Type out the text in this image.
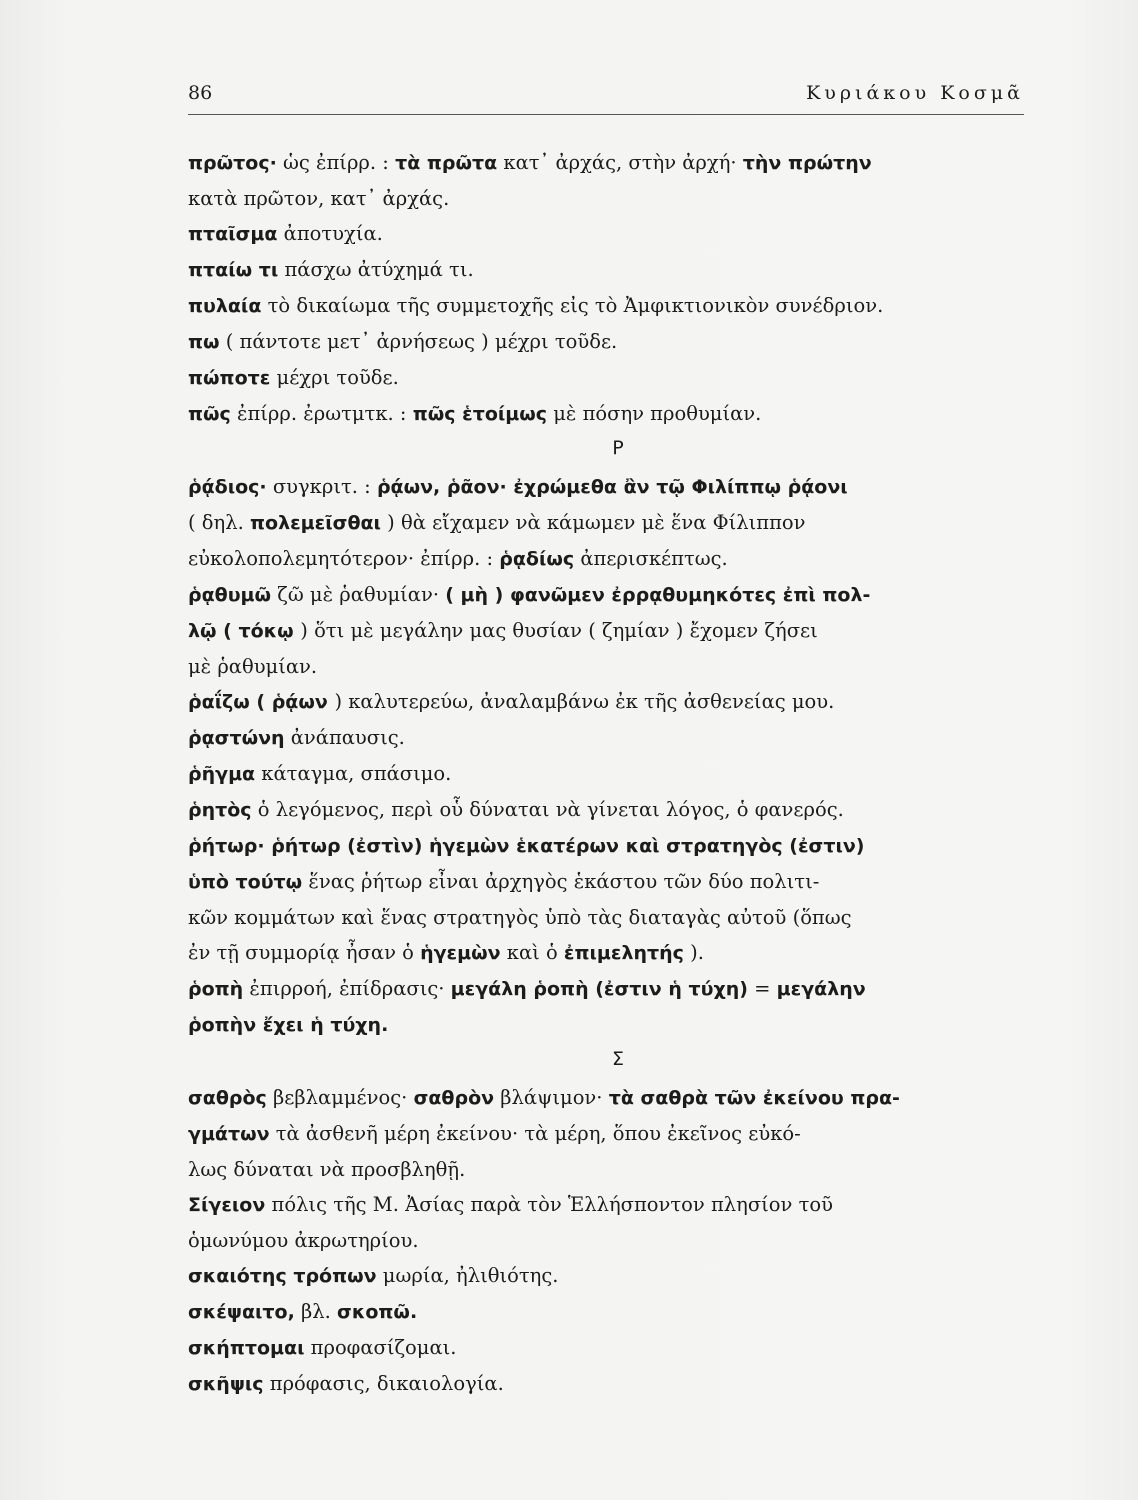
86	Κυριάκου Κοσμᾶ
πρῶτος· ὡς ἐπίρρ. : τὰ πρῶτα κατ᾿ ἀρχάς, στὴν ἀρχή· τὴν πρώτην
κατὰ πρῶτον, κατ᾿ ἀρχάς.
πταῖσμα ἀποτυχία.
πταίω τι πάσχω ἀτύχημά τι.
πυλαία τὸ δικαίωμα τῆς συμμετοχῆς εἰς τὸ Ἀμφικτιονικὸν συνέδριον.
πω ( πάντοτε μετ᾿ ἀρνήσεως ) μέχρι τοῦδε.
πώποτε μέχρι τοῦδε.
πῶς ἐπίρρ. ἐρωτμτκ. : πῶς ἑτοίμως μὲ πόσην προθυμίαν.
Ρ
ῥᾴδιος· συγκριτ. : ῥᾴων, ῥᾶον· ἐχρώμεθα ἂν τῷ Φιλίππῳ ῥᾴονι
( δηλ. πολεμεῖσθαι ) θὰ εἴχαμεν νὰ κάμωμεν μὲ ἕνα Φίλιππον
εὐκολοπολεμητότερον· ἐπίρρ. : ῥᾳδίως ἀπερισκέπτως.
ῥᾳθυμῶ ζῶ μὲ ῥαθυμίαν· ( μὴ ) φανῶμεν ἐρρᾳθυμηκότες ἐπὶ πολ-
λῷ ( τόκῳ ) ὅτι μὲ μεγάλην μας θυσίαν ( ζημίαν ) ἔχομεν ζήσει
μὲ ῥαθυμίαν.
ῥαΐζω ( ῥᾴων ) καλυτερεύω, ἀναλαμβάνω ἐκ τῆς ἀσθενείας μου.
ῥᾳστώνη ἀνάπαυσις.
ῥῆγμα κάταγμα, σπάσιμο.
ῥητὸς ὁ λεγόμενος, περὶ οὗ δύναται νὰ γίνεται λόγος, ὁ φανερός.
ῥήτωρ· ῥήτωρ (ἐστὶν) ἡγεμὼν ἑκατέρων καὶ στρατηγὸς (ἐστιν)
ὑπὸ τούτῳ ἕνας ῥήτωρ εἶναι ἀρχηγὸς ἑκάστου τῶν δύο πολιτι-
κῶν κομμάτων καὶ ἕνας στρατηγὸς ὑπὸ τὰς διαταγὰς αὐτοῦ (ὅπως
ἐν τῇ συμμορίᾳ ἦσαν ὁ ἡγεμὼν καὶ ὁ ἐπιμελητής ).
ῥοπὴ ἐπιρροή, ἐπίδρασις· μεγάλη ῥοπὴ (ἐστιν ἡ τύχη) = μεγάλην
ῥοπὴν ἔχει ἡ τύχη.
Σ
σαθρὸς βεβλαμμένος· σαθρὸν βλάψιμον· τὰ σαθρὰ τῶν ἐκείνου πρα-
γμάτων τὰ ἀσθενῆ μέρη ἐκείνου· τὰ μέρη, ὅπου ἐκεῖνος εὐκό-
λως δύναται νὰ προσβληθῇ.
Σίγειον πόλις τῆς Μ. Ἀσίας παρὰ τὸν Ἑλλήσποντον πλησίον τοῦ
ὁμωνύμου ἀκρωτηρίου.
σκαιότης τρόπων μωρία, ἠλιθιότης.
σκέψαιτο, βλ. σκοπῶ.
σκήπτομαι προφασίζομαι.
σκῆψις πρόφασις, δικαιολογία.
